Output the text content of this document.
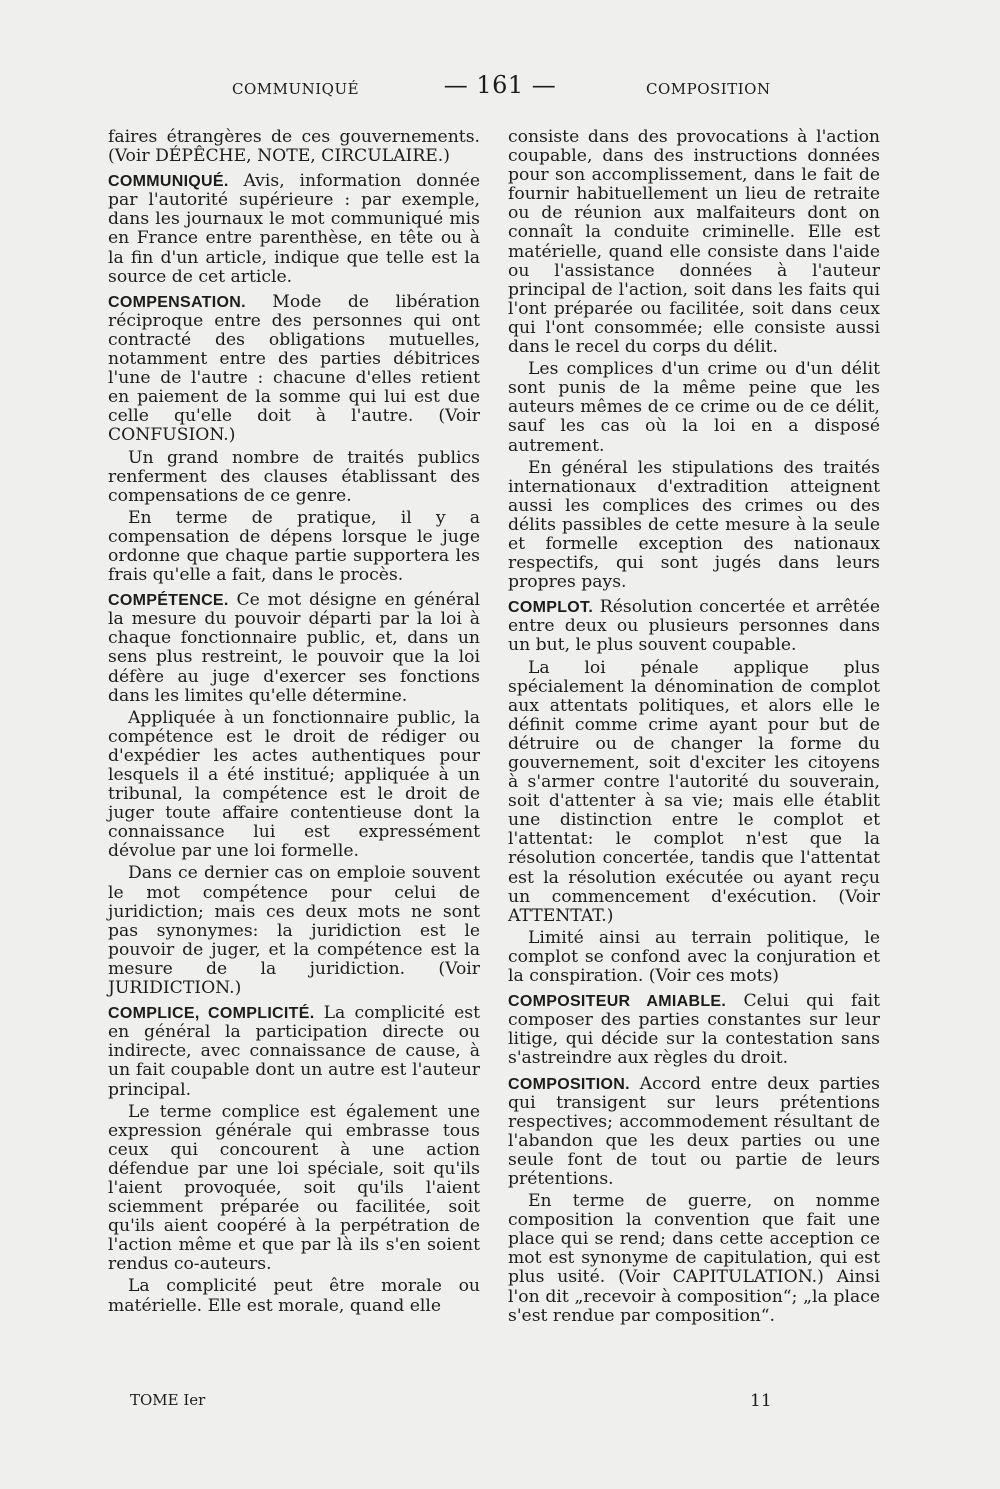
COMMUNIQUÉ	— 161 —	COMPOSITION

faires étrangères de ces gouvernements. (Voir DÉPÊCHE, NOTE, CIRCULAIRE.)

COMMUNIQUÉ. Avis, information donnée par l'autorité supérieure : par exemple, dans les journaux le mot communiqué mis en France entre parenthèse, en tête ou à la fin d'un article, indique que telle est la source de cet article.

COMPENSATION. Mode de libération réciproque entre des personnes qui ont contracté des obligations mutuelles, notamment entre des parties débitrices l'une de l'autre : chacune d'elles retient en paiement de la somme qui lui est due celle qu'elle doit à l'autre. (Voir CONFUSION.)

Un grand nombre de traités publics renferment des clauses établissant des compensations de ce genre.

En terme de pratique, il y a compensation de dépens lorsque le juge ordonne que chaque partie supportera les frais qu'elle a fait, dans le procès.

COMPÉTENCE. Ce mot désigne en général la mesure du pouvoir départi par la loi à chaque fonctionnaire public, et, dans un sens plus restreint, le pouvoir que la loi défère au juge d'exercer ses fonctions dans les limites qu'elle détermine.

Appliquée à un fonctionnaire public, la compétence est le droit de rédiger ou d'expédier les actes authentiques pour lesquels il a été institué; appliquée à un tribunal, la compétence est le droit de juger toute affaire contentieuse dont la connaissance lui est expressément dévolue par une loi formelle.

Dans ce dernier cas on emploie souvent le mot compétence pour celui de juridiction; mais ces deux mots ne sont pas synonymes: la juridiction est le pouvoir de juger, et la compétence est la mesure de la juridiction. (Voir JURIDICTION.)

COMPLICE, COMPLICITÉ. La complicité est en général la participation directe ou indirecte, avec connaissance de cause, à un fait coupable dont un autre est l'auteur principal.

Le terme complice est également une expression générale qui embrasse tous ceux qui concourent à une action défendue par une loi spéciale, soit qu'ils l'aient provoquée, soit qu'ils l'aient sciemment préparée ou facilitée, soit qu'ils aient coopéré à la perpétration de l'action même et que par là ils s'en soient rendus co-auteurs.

La complicité peut être morale ou matérielle. Elle est morale, quand elle

consiste dans des provocations à l'action coupable, dans des instructions données pour son accomplissement, dans le fait de fournir habituellement un lieu de retraite ou de réunion aux malfaiteurs dont on connaît la conduite criminelle. Elle est matérielle, quand elle consiste dans l'aide ou l'assistance données à l'auteur principal de l'action, soit dans les faits qui l'ont préparée ou facilitée, soit dans ceux qui l'ont consommée; elle consiste aussi dans le recel du corps du délit.

Les complices d'un crime ou d'un délit sont punis de la même peine que les auteurs mêmes de ce crime ou de ce délit, sauf les cas où la loi en a disposé autrement.

En général les stipulations des traités internationaux d'extradition atteignent aussi les complices des crimes ou des délits passibles de cette mesure à la seule et formelle exception des nationaux respectifs, qui sont jugés dans leurs propres pays.

COMPLOT. Résolution concertée et arrêtée entre deux ou plusieurs personnes dans un but, le plus souvent coupable.

La loi pénale applique plus spécialement la dénomination de complot aux attentats politiques, et alors elle le définit comme crime ayant pour but de détruire ou de changer la forme du gouvernement, soit d'exciter les citoyens à s'armer contre l'autorité du souverain, soit d'attenter à sa vie; mais elle établit une distinction entre le complot et l'attentat: le complot n'est que la résolution concertée, tandis que l'attentat est la résolution exécutée ou ayant reçu un commencement d'exécution. (Voir ATTENTAT.)

Limité ainsi au terrain politique, le complot se confond avec la conjuration et la conspiration. (Voir ces mots)

COMPOSITEUR AMIABLE. Celui qui fait composer des parties constantes sur leur litige, qui décide sur la contestation sans s'astreindre aux règles du droit.

COMPOSITION. Accord entre deux parties qui transigent sur leurs prétentions respectives; accommodement résultant de l'abandon que les deux parties ou une seule font de tout ou partie de leurs prétentions.

En terme de guerre, on nomme composition la convention que fait une place qui se rend; dans cette acception ce mot est synonyme de capitulation, qui est plus usité. (Voir CAPITULATION.) Ainsi l'on dit „recevoir à composition“; „la place s'est rendue par composition“.

TOME Ier	11
